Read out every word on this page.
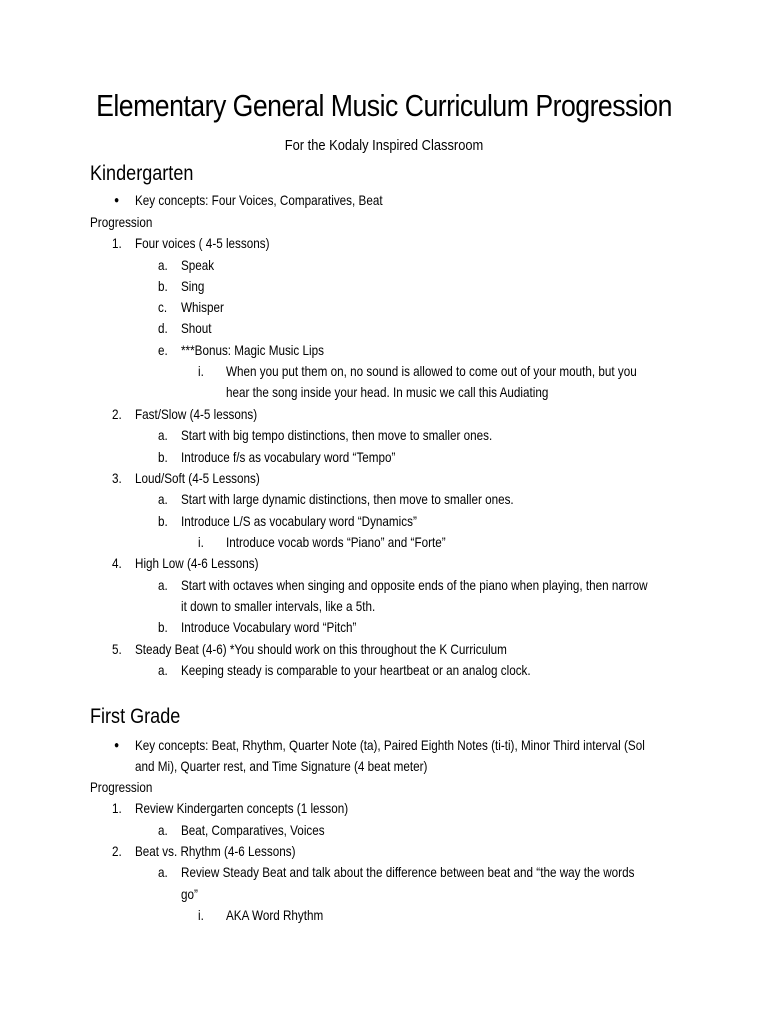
Elementary General Music Curriculum Progression
For the Kodaly Inspired Classroom
Kindergarten
● Key concepts: Four Voices, Comparatives, Beat
Progression
1. Four voices ( 4-5 lessons)
a. Speak
b. Sing
c. Whisper
d. Shout
e. ***Bonus: Magic Music Lips
i. When you put them on, no sound is allowed to come out of your mouth, but you
hear the song inside your head. In music we call this Audiating
2. Fast/Slow (4-5 lessons)
a. Start with big tempo distinctions, then move to smaller ones.
b. Introduce f/s as vocabulary word “Tempo”
3. Loud/Soft (4-5 Lessons)
a. Start with large dynamic distinctions, then move to smaller ones.
b. Introduce L/S as vocabulary word “Dynamics”
i. Introduce vocab words “Piano” and “Forte”
4. High Low (4-6 Lessons)
a. Start with octaves when singing and opposite ends of the piano when playing, then narrow
it down to smaller intervals, like a 5th.
b. Introduce Vocabulary word “Pitch”
5. Steady Beat (4-6) *You should work on this throughout the K Curriculum
a. Keeping steady is comparable to your heartbeat or an analog clock.
First Grade
● Key concepts: Beat, Rhythm, Quarter Note (ta), Paired Eighth Notes (ti-ti), Minor Third interval (Sol
and Mi), Quarter rest, and Time Signature (4 beat meter)
Progression
1. Review Kindergarten concepts (1 lesson)
a. Beat, Comparatives, Voices
2. Beat vs. Rhythm (4-6 Lessons)
a. Review Steady Beat and talk about the difference between beat and “the way the words
go”
i. AKA Word Rhythm
